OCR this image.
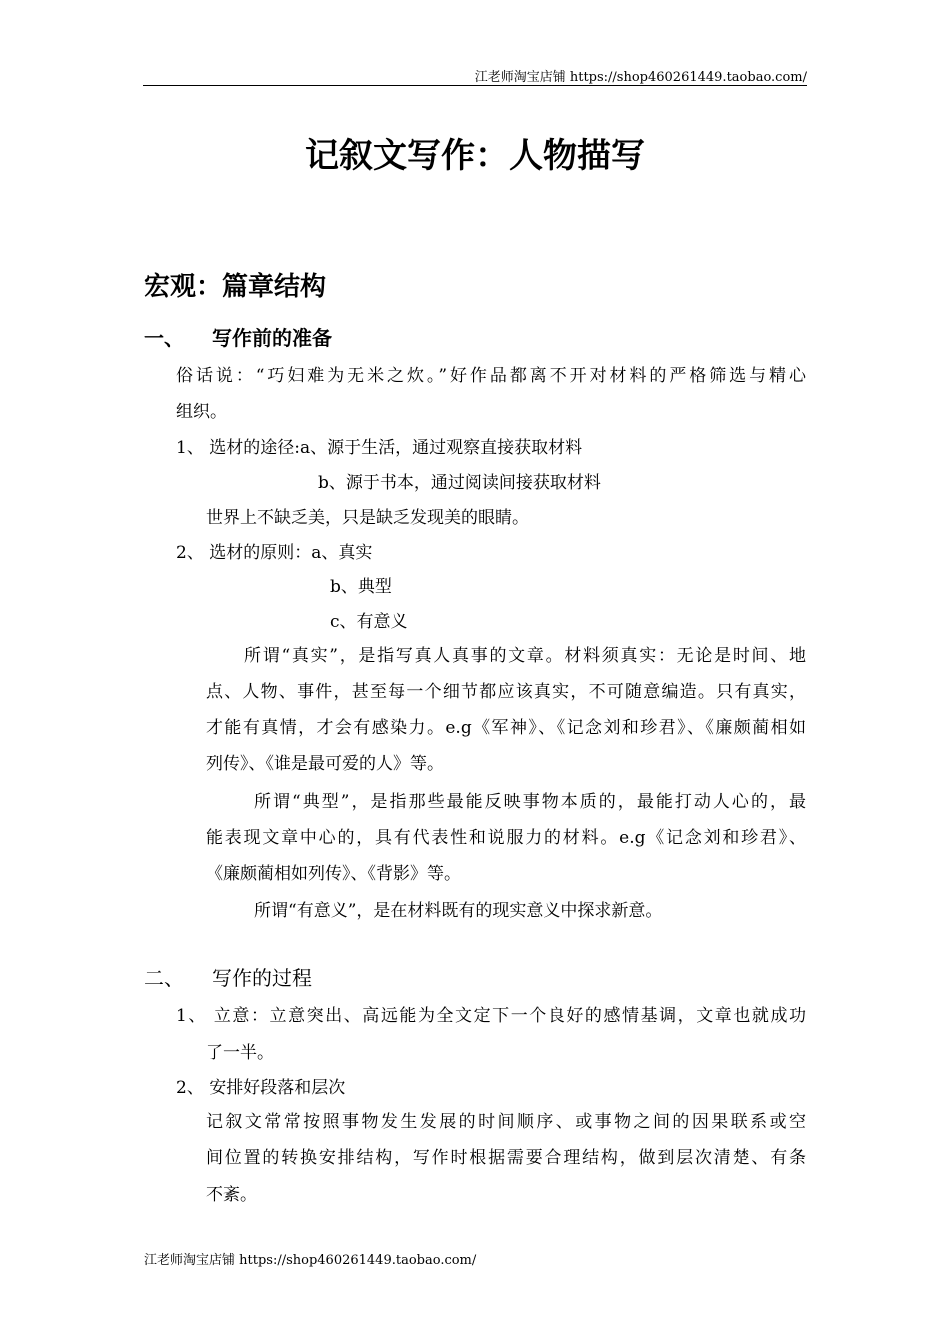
江老师淘宝店铺 https://shop460261449.taobao.com/
记叙文写作：人物描写
宏观：篇章结构
一、 写作前的准备
俗话说：“巧妇难为无米之炊。”好作品都离不开对材料的严格筛选与精心
组织。
1、 选材的途径:a、源于生活，通过观察直接获取材料
b、源于书本，通过阅读间接获取材料
世界上不缺乏美，只是缺乏发现美的眼睛。
2、 选材的原则：a、真实
b、典型
c、有意义
所谓“真实”，是指写真人真事的文章。材料须真实：无论是时间、地
点、人物、事件，甚至每一个细节都应该真实，不可随意编造。只有真实，
才能有真情，才会有感染力。e.g《军神》、《记念刘和珍君》、《廉颇蔺相如
列传》、《谁是最可爱的人》等。
所谓“典型”，是指那些最能反映事物本质的，最能打动人心的，最
能表现文章中心的，具有代表性和说服力的材料。e.g《记念刘和珍君》、
《廉颇蔺相如列传》、《背影》等。
所谓“有意义”，是在材料既有的现实意义中探求新意。
二、 写作的过程
1、 立意：立意突出、高远能为全文定下一个良好的感情基调，文章也就成功
了一半。
2、 安排好段落和层次
记叙文常常按照事物发生发展的时间顺序、或事物之间的因果联系或空
间位置的转换安排结构，写作时根据需要合理结构，做到层次清楚、有条
不紊。
江老师淘宝店铺 https://shop460261449.taobao.com/
